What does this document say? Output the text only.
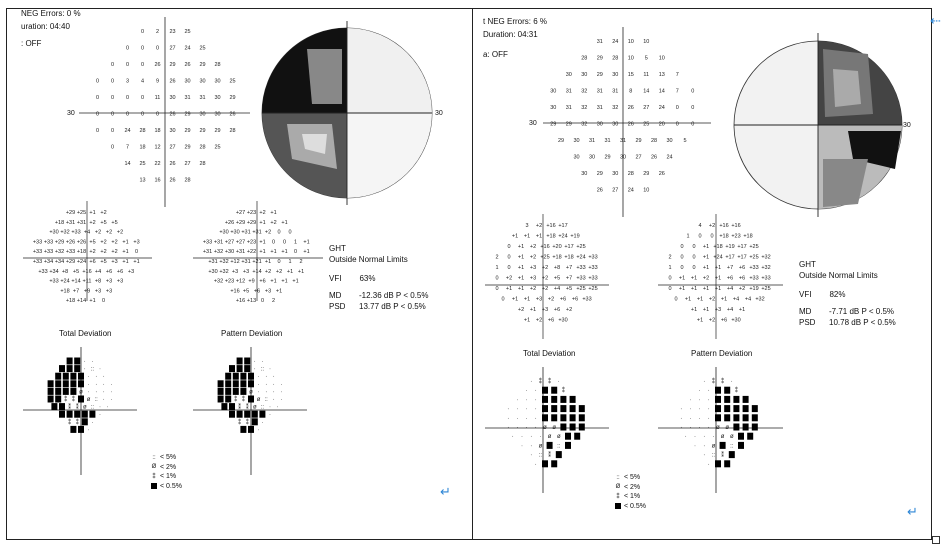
NEG Errors: 0 %
uration: 04:40
: OFF
0 2 23 25
0 0 0 27 24 25
0 0 0 26 29 26 29 28
0 0 3 4 9 26 30 30 30 25
0 0 0 0 11 30 31 31 30 29
0 0 0 0 0 26 29 30 30 26
0 0 24 28 18 30 29 29 29 28
0 7 18 12 27 29 28 25
14 25 22 26 27 28
13 16 26 28
30	30
+29 +25 +1 +2
+18 +31 +31 +2 +5 +5
+30 +32 +33 +4 +2 +2 +2
+33 +33 +29 +26 +26 +5 +2 +2 +1 +3
+33 +33 +32 +33 +18 +2 +2 +2 +1 0
+33 +34 +34 +29 +24 +6 +5 +3 +1 +1
+33 +34 +8 +5 +16 +4 +6 +6 +3
+33 +24 +14 +11 +8 +3 +3
+18 +7 +9 +3 +3
+18 +14 +1 0
+27 +23 +2 +1
+26 +29 +29 +1 +2 +1
+30 +30 +31 +31 +2 0 0
+33 +31 +27 +27 +23 +1 0 0 1 +1
+31 +32 +30 +31 +22 +1 +1 +1 0 +1
+31 +32 +12 +31 +21 +1 0 1 2
+30 +32 +3 +3 +14 +2 +2 +1 +1
+32 +23 +12 +9 +6 +1 +1 +1
+16 +5 +6 +3 +1
+16 +13 0 2
· ·
· :: ·
· · ·
· · · ·
ø · · · ·
⁑ ⁑ ø :: · ·
⁑ ⁑ ø :: · ·
·
⁑ ⁑ ·
·
· ·
· :: ·
· · ·
· · · ·
ø · · · ·
⁑ ⁑ ø :: · ·
⁑ ⁑ ø :: · ·
·
⁑ ⁑ ·
·
Total Deviation	Pattern Deviation
GHT
Outside Normal Limits
VFI 63%
MD	-12.36 dB P < 0.5%
PSD	13.77 dB P < 0.5%
:: < 5%
Ø < 2%
⁑ < 1%
< 0.5%	↵
t NEG Errors: 6 %
Duration: 04:31
a: OFF
31 24 10 10
28 29 28 10 5 10
30 30 29 30 15 11 13 7
30 31 32 31 31 8 14 14 7 0
30 31 32 31 32 26 27 24 0 0
29 29 32 30 30 26 25 20 0 0
29 30 31 31 31 29 28 30 5
30 30 29 30 27 26 24
30 29 30 28 29 26
26 27 24 10
30	30
3 +2 +16 +17
+1 +1 +1 +18 +24 +19
0 +1 +2 +16 +20 +17 +25
2 0 +1 +2 +25 +18 +18 +24 +33
1 0 +1 +3 +2 +8 +7 +33 +33
0 +2 +1 +3 +2 +5 +7 +33 +33
0 +1 +1 +2 +2 +4 +5 +25 +25
0 +1 +1 +3 +2 +6 +6 +33
+2 +1 +3 +6 +2
+1 +2 +6 +30
4 +2 +16 +16
1 0 0 +18 +23 +18
0 0 +1 +18 +19 +17 +25
2 0 0 +1 +24 +17 +17 +25 +32
1 0 0 +1 +1 +7 +6 +33 +32
0 +1 +1 +2 +1 +6 +6 +33 +33
0 +1 +1 +1 +1 +4 +2 +19 +25
0 +1 +1 +2 +1 +4 +4 +32
+1 +1 +3 +4 +1
+1 +2 +6 +30
· ⁑ ⁑ ·
· ·	⁑
· · ·
· · · ·
· · · ·
· · · · ø ø
· · · · ø ø
· · ø ::
· :: ⁑
·
· ⁑ ⁑ ·
· ·	⁑
· · ·
· · · ·
· · · ·
· · · · ø ø
· · · · ø ø
· · ø ::
· :: ⁑
·
Total Deviation	Pattern Deviation
GHT
Outside Normal Limits
VFI 82%
MD	-7.71 dB P < 0.5%
PSD	10.78 dB P < 0.5%
:: < 5%
Ø < 2%
⁑ < 1%
< 0.5%	↵
⇠
